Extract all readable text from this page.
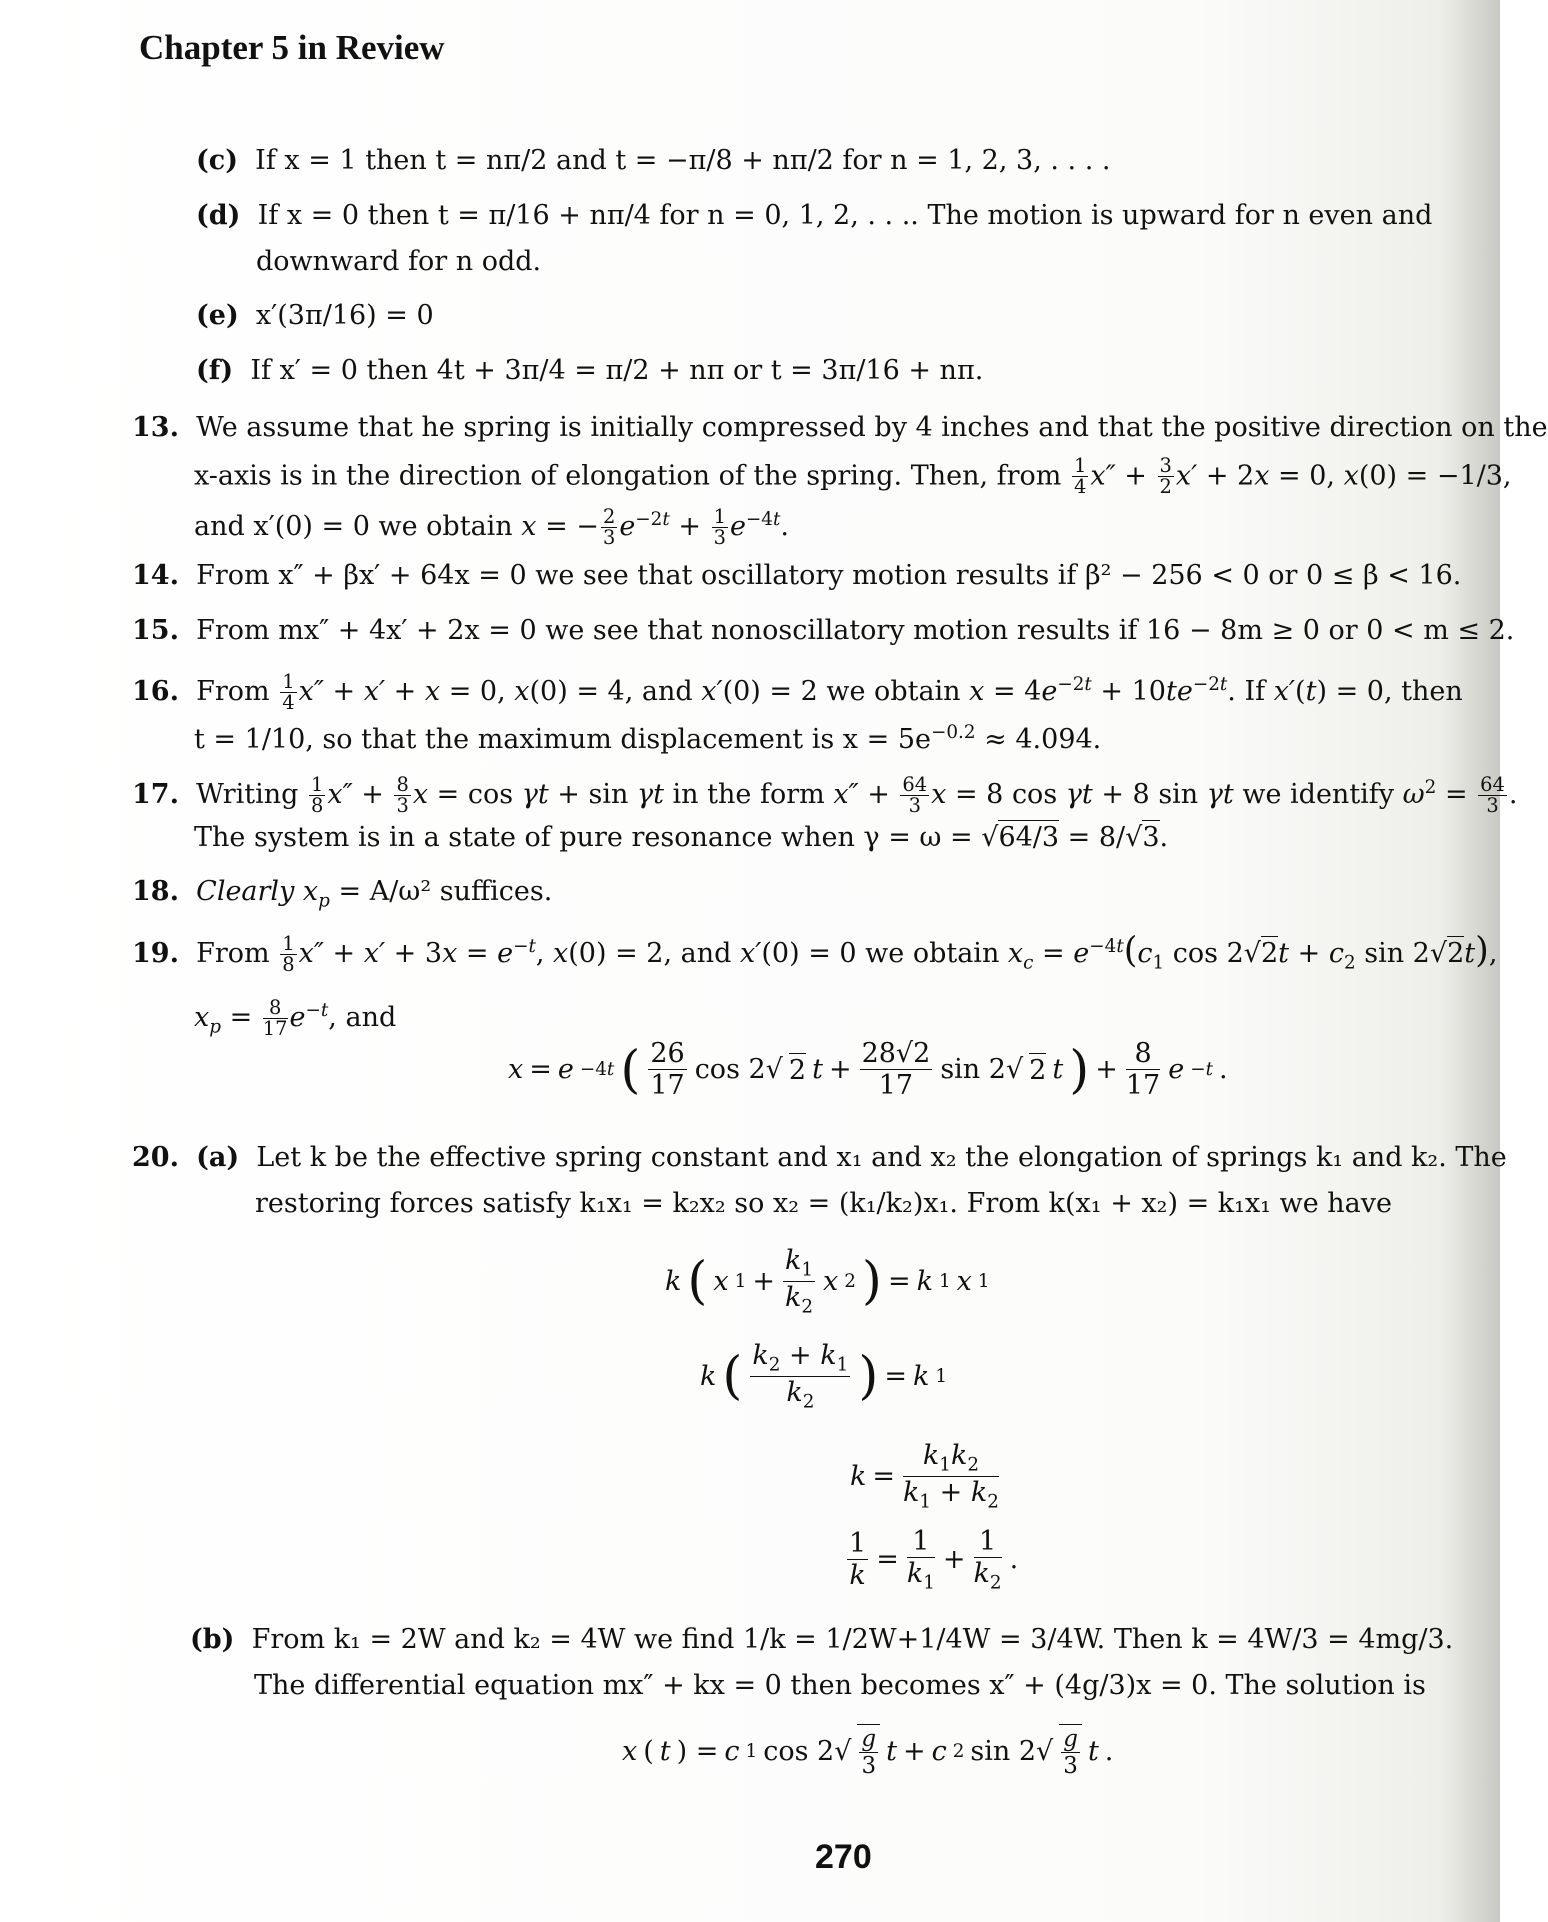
Chapter 5 in Review
(c) If x = 1 then t = nπ/2 and t = −π/8 + nπ/2 for n = 1, 2, 3, . . . .
(d) If x = 0 then t = π/16 + nπ/4 for n = 0, 1, 2, . . .. The motion is upward for n even and
downward for n odd.
(e) x′(3π/16) = 0
(f) If x′ = 0 then 4t + 3π/4 = π/2 + nπ or t = 3π/16 + nπ.
13. We assume that he spring is initially compressed by 4 inches and that the positive direction on the
x-axis is in the direction of elongation of the spring. Then, from $\frac{1}{4} x'' + \frac{3}{2} x' + 2x = 0$, x(0) = −1/3,
and x′(0) = 0 we obtain x = − $\frac{2}{3} e^{-2t} + \frac{1}{3} e^{-4t}$.
14. From x″ + βx′ + 64x = 0 we see that oscillatory motion results if β² − 256 < 0 or 0 ≤ β < 16.
15. From mx″ + 4x′ + 2x = 0 we see that nonoscillatory motion results if 16 − 8m ≥ 0 or 0 < m ≤ 2.
16. From $\frac{1}{4} x'' + x' + x = 0$, x(0) = 4, and x′(0) = 2 we obtain $x = 4e^{-2t} + 10te^{-2t}$. If x′(t) = 0, then
t = 1/10, so that the maximum displacement is $x = 5e^{-0.2} \approx 4.094$.
17. Writing $\frac{1}{8} x'' + \frac{8}{3}$ x = cos γt + sin γt in the form $x'' + \frac{64}{3}$ x = 8 cos γt + 8 sin γt we identify $\omega^2 = \frac{64}{3}$ .
The system is in a state of pure resonance when γ = ω = √64/3 = 8/√3.
18. Clearly $x_p = A/\omega^2$ suffices.
19. From $\frac{1}{8} x'' + x' + 3x = e^{-t}$, x(0) = 2, and x′(0) = 0 we obtain $x_c = e^{-4t}(c_1$ $\cos 2√2t + c_2$ sin 2√2t),
$x_p = \frac{8}{17} e^{-t}$, and
x = e −4t ( $\frac{26}{17}$ cos 2√ 2 $t + \frac{28√2}{17}$ sin 2√ 2 t ) + $\frac{8}{17}$ e −t .
20. (a) Let k be the effective spring constant and x₁ and x₂ the elongation of springs k₁ and k₂. The
restoring forces satisfy k₁x₁ = k₂x₂ so x₂ = (k₁/k₂)x₁. From k(x₁ + x₂) = k₁x₁ we have
k ( x $1 + \frac{k_1}{k_2}$ x 2 ) = k 1 x 1
k ( $\frac{k_2 + k_1}{k_2}$ ) = k 1
$k = \frac{k_1k_2}{k_1 + k_2}$
$\frac{1}{k} = \frac{1}{k_1} + \frac{1}{k_2}$ .
(b) From k₁ = 2W and k₂ = 4W we find 1/k = 1/2W+1/4W = 3/4W. Then k = 4W/3 = 4mg/3.
The differential equation mx″ + kx = 0 then becomes x″ + (4g/3)x = 0. The solution is
x ( t ) = c 1 $\cos 2√ \frac{g}{3}$ t + c 2 $\sin 2√ \frac{g}{3}$ t .
270
